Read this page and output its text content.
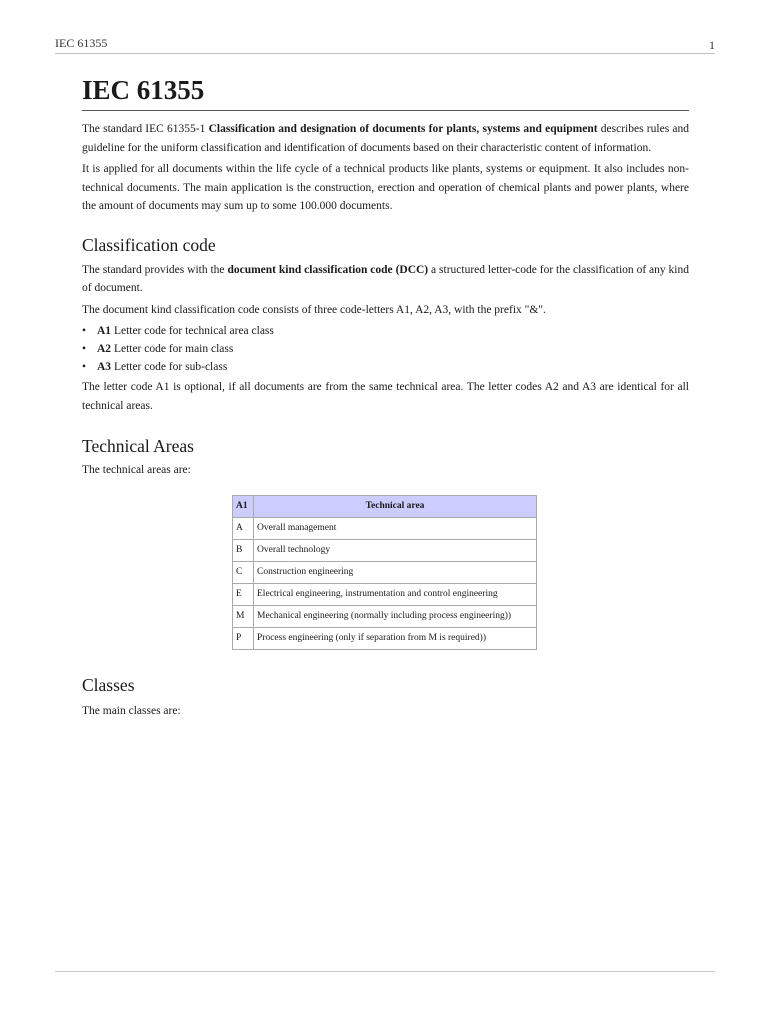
IEC 61355	1
IEC 61355

The standard IEC 61355-1 Classification and designation of documents for plants, systems and equipment describes rules and guideline for the uniform classification and identification of documents based on their characteristic content of information.

It is applied for all documents within the life cycle of a technical products like plants, systems or equipment. It also includes non-technical documents. The main application is the construction, erection and operation of chemical plants and power plants, where the amount of documents may sum up to some 100.000 documents.

Classification code

The standard provides with the document kind classification code (DCC) a structured letter-code for the classification of any kind of document.

The document kind classification code consists of three code-letters A1, A2, A3, with the prefix "&".

• A1 Letter code for technical area class
• A2 Letter code for main class
• A3 Letter code for sub-class

The letter code A1 is optional, if all documents are from the same technical area. The letter codes A2 and A3 are identical for all technical areas.

Technical Areas

The technical areas are:

A1	Technical area
A	Overall management
B	Overall technology
C	Construction engineering
E	Electrical engineering, instrumentation and control engineering
M	Mechanical engineering (normally including process engineering))
P	Process engineering (only if separation from M is required))
Classes

The main classes are:
